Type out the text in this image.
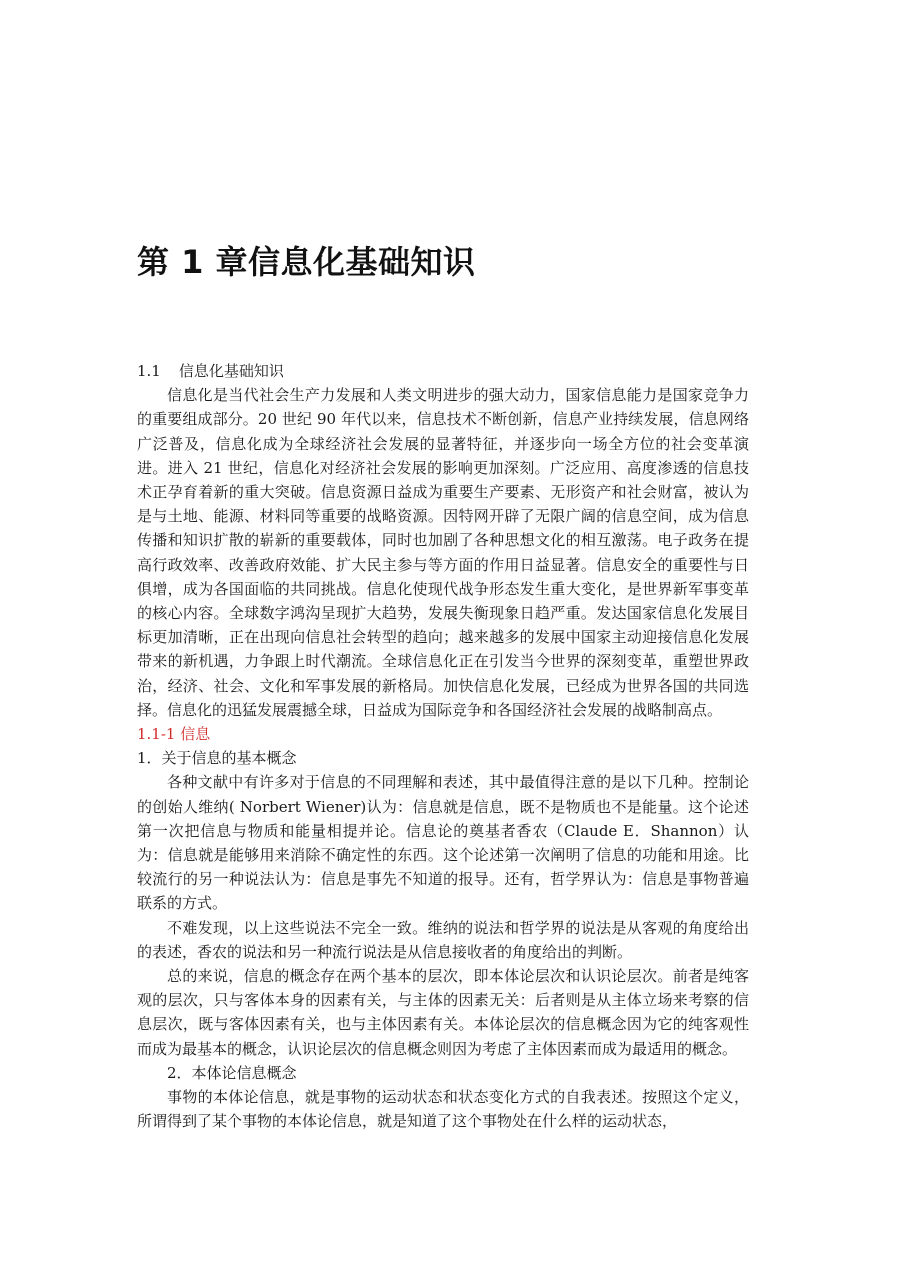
第 1 章信息化基础知识

1.1 信息化基础知识

信息化是当代社会生产力发展和人类文明进步的强大动力，国家信息能力是国家竞争力的重要组成部分。20 世纪 90 年代以来，信息技术不断创新，信息产业持续发展，信息网络广泛普及，信息化成为全球经济社会发展的显著特征，并逐步向一场全方位的社会变革演进。进入 21 世纪，信息化对经济社会发展的影响更加深刻。广泛应用、高度渗透的信息技术正孕育着新的重大突破。信息资源日益成为重要生产要素、无形资产和社会财富，被认为是与土地、能源、材料同等重要的战略资源。因特网开辟了无限广阔的信息空间，成为信息传播和知识扩散的崭新的重要载体，同时也加剧了各种思想文化的相互激荡。电子政务在提高行政效率、改善政府效能、扩大民主参与等方面的作用日益显著。信息安全的重要性与日俱增，成为各国面临的共同挑战。信息化使现代战争形态发生重大变化，是世界新军事变革的核心内容。全球数字鸿沟呈现扩大趋势，发展失衡现象日趋严重。发达国家信息化发展目标更加清晰，正在出现向信息社会转型的趋向；越来越多的发展中国家主动迎接信息化发展带来的新机遇，力争跟上时代潮流。全球信息化正在引发当今世界的深刻变革，重塑世界政治，经济、社会、文化和军事发展的新格局。加快信息化发展，已经成为世界各国的共同选择。信息化的迅猛发展震撼全球，日益成为国际竞争和各国经济社会发展的战略制高点。

1.1-1 信息

1．关于信息的基本概念

各种文献中有许多对于信息的不同理解和表述，其中最值得注意的是以下几种。控制论的创始人维纳( Norbert Wiener)认为：信息就是信息，既不是物质也不是能量。这个论述第一次把信息与物质和能量相提并论。信息论的奠基者香农（Claude E．Shannon）认为：信息就是能够用来消除不确定性的东西。这个论述第一次阐明了信息的功能和用途。比较流行的另一种说法认为：信息是事先不知道的报导。还有，哲学界认为：信息是事物普遍联系的方式。

不难发现，以上这些说法不完全一致。维纳的说法和哲学界的说法是从客观的角度给出的表述，香农的说法和另一种流行说法是从信息接收者的角度给出的判断。

总的来说，信息的概念存在两个基本的层次，即本体论层次和认识论层次。前者是纯客观的层次，只与客体本身的因素有关，与主体的因素无关：后者则是从主体立场来考察的信息层次，既与客体因素有关，也与主体因素有关。本体论层次的信息概念因为它的纯客观性而成为最基本的概念，认识论层次的信息概念则因为考虑了主体因素而成为最适用的概念。

2．本体论信息概念

事物的本体论信息，就是事物的运动状态和状态变化方式的自我表述。按照这个定义，所谓得到了某个事物的本体论信息，就是知道了这个事物处在什么样的运动状态，
